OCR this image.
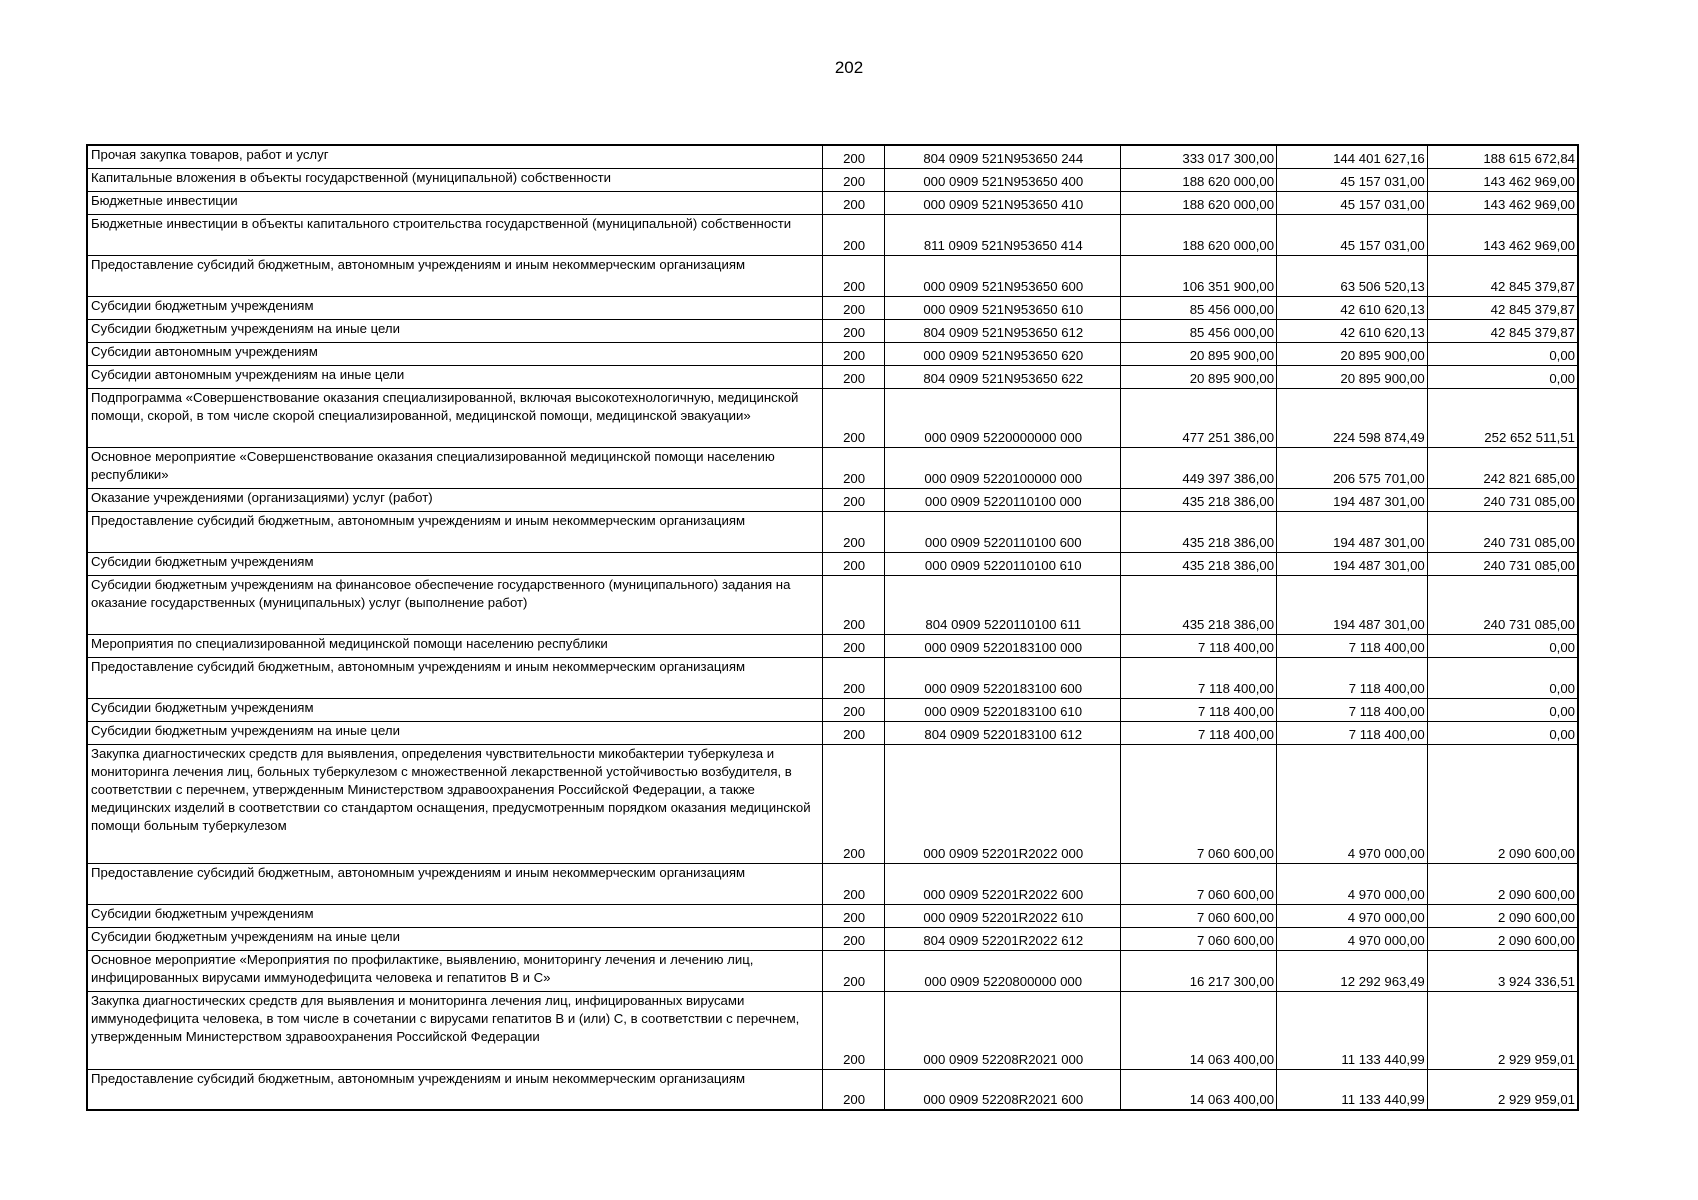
202
Прочая закупка товаров, работ и услуг	200	804 0909 521N953650 244	333 017 300,00	144 401 627,16	188 615 672,84
Капитальные вложения в объекты государственной (муниципальной) собственности	200	000 0909 521N953650 400	188 620 000,00	45 157 031,00	143 462 969,00
Бюджетные инвестиции	200	000 0909 521N953650 410	188 620 000,00	45 157 031,00	143 462 969,00
Бюджетные инвестиции в объекты капитального строительства государственной (муниципальной) собственности	200	811 0909 521N953650 414	188 620 000,00	45 157 031,00	143 462 969,00
Предоставление субсидий бюджетным, автономным учреждениям и иным некоммерческим организациям	200	000 0909 521N953650 600	106 351 900,00	63 506 520,13	42 845 379,87
Субсидии бюджетным учреждениям	200	000 0909 521N953650 610	85 456 000,00	42 610 620,13	42 845 379,87
Субсидии бюджетным учреждениям на иные цели	200	804 0909 521N953650 612	85 456 000,00	42 610 620,13	42 845 379,87
Субсидии автономным учреждениям	200	000 0909 521N953650 620	20 895 900,00	20 895 900,00	0,00
Субсидии автономным учреждениям на иные цели	200	804 0909 521N953650 622	20 895 900,00	20 895 900,00	0,00
Подпрограмма «Совершенствование оказания специализированной, включая высокотехнологичную, медицинской помощи, скорой, в том числе скорой специализированной, медицинской помощи, медицинской эвакуации»	200	000 0909 5220000000 000	477 251 386,00	224 598 874,49	252 652 511,51
Основное мероприятие «Совершенствование оказания специализированной медицинской помощи населению республики»	200	000 0909 5220100000 000	449 397 386,00	206 575 701,00	242 821 685,00
Оказание учреждениями (организациями) услуг (работ)	200	000 0909 5220110100 000	435 218 386,00	194 487 301,00	240 731 085,00
Предоставление субсидий бюджетным, автономным учреждениям и иным некоммерческим организациям	200	000 0909 5220110100 600	435 218 386,00	194 487 301,00	240 731 085,00
Субсидии бюджетным учреждениям	200	000 0909 5220110100 610	435 218 386,00	194 487 301,00	240 731 085,00
Субсидии бюджетным учреждениям на финансовое обеспечение государственного (муниципального) задания на оказание государственных (муниципальных) услуг (выполнение работ)	200	804 0909 5220110100 611	435 218 386,00	194 487 301,00	240 731 085,00
Мероприятия по специализированной медицинской помощи населению республики	200	000 0909 5220183100 000	7 118 400,00	7 118 400,00	0,00
Предоставление субсидий бюджетным, автономным учреждениям и иным некоммерческим организациям	200	000 0909 5220183100 600	7 118 400,00	7 118 400,00	0,00
Субсидии бюджетным учреждениям	200	000 0909 5220183100 610	7 118 400,00	7 118 400,00	0,00
Субсидии бюджетным учреждениям на иные цели	200	804 0909 5220183100 612	7 118 400,00	7 118 400,00	0,00
Закупка диагностических средств для выявления, определения чувствительности микобактерии туберкулеза и мониторинга лечения лиц, больных туберкулезом с множественной лекарственной устойчивостью возбудителя, в соответствии с перечнем, утвержденным Министерством здравоохранения Российской Федерации, а также медицинских изделий в соответствии со стандартом оснащения, предусмотренным порядком оказания медицинской помощи больным туберкулезом	200	000 0909 52201R2022 000	7 060 600,00	4 970 000,00	2 090 600,00
Предоставление субсидий бюджетным, автономным учреждениям и иным некоммерческим организациям	200	000 0909 52201R2022 600	7 060 600,00	4 970 000,00	2 090 600,00
Субсидии бюджетным учреждениям	200	000 0909 52201R2022 610	7 060 600,00	4 970 000,00	2 090 600,00
Субсидии бюджетным учреждениям на иные цели	200	804 0909 52201R2022 612	7 060 600,00	4 970 000,00	2 090 600,00
Основное мероприятие «Мероприятия по профилактике, выявлению, мониторингу лечения и лечению лиц, инфицированных вирусами иммунодефицита человека и гепатитов В и С»	200	000 0909 5220800000 000	16 217 300,00	12 292 963,49	3 924 336,51
Закупка диагностических средств для выявления и мониторинга лечения лиц, инфицированных вирусами иммунодефицита человека, в том числе в сочетании с вирусами гепатитов В и (или) С, в соответствии с перечнем, утвержденным Министерством здравоохранения Российской Федерации	200	000 0909 52208R2021 000	14 063 400,00	11 133 440,99	2 929 959,01
Предоставление субсидий бюджетным, автономным учреждениям и иным некоммерческим организациям	200	000 0909 52208R2021 600	14 063 400,00	11 133 440,99	2 929 959,01
